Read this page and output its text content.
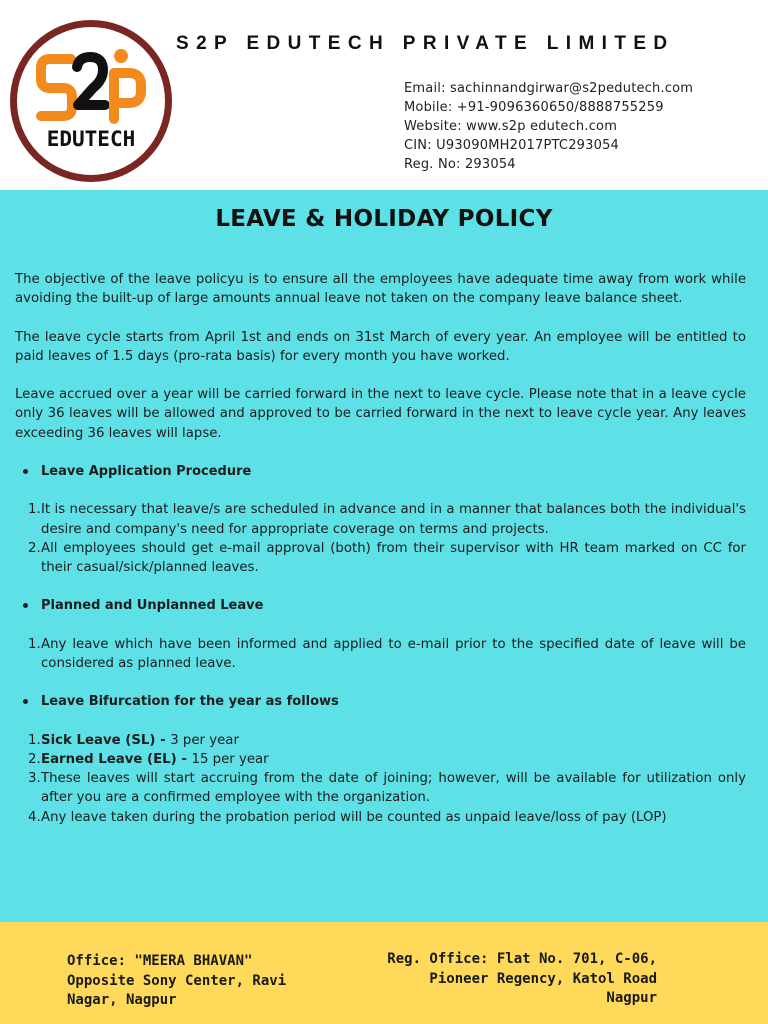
EDUTECH
S2P EDUTECH PRIVATE LIMITED
Email: sachinnandgirwar@s2pedutech.com
Mobile: +91-9096360650/8888755259
Website: www.s2p edutech.com
CIN: U93090MH2017PTC293054
Reg. No: 293054
LEAVE & HOLIDAY POLICY

The objective of the leave policyu is to ensure all the employees have adequate time away from work while avoiding the built-up of large amounts annual leave not taken on the company leave balance sheet.

The leave cycle starts from April 1st and ends on 31st March of every year. An employee will be entitled to paid leaves of 1.5 days (pro-rata basis) for every month you have worked.

Leave accrued over a year will be carried forward in the next to leave cycle. Please note that in a leave cycle only 36 leaves will be allowed and approved to be carried forward in the next to leave cycle year. Any leaves exceeding 36 leaves will lapse.

Leave Application Procedure
1. It is necessary that leave/s are scheduled in advance and in a manner that balances both the individual's desire and company's need for appropriate coverage on terms and projects.
2. All employees should get e-mail approval (both) from their supervisor with HR team marked on CC for their casual/sick/planned leaves.
Planned and Unplanned Leave
1. Any leave which have been informed and applied to e-mail prior to the specified date of leave will be considered as planned leave.
Leave Bifurcation for the year as follows
1. Sick Leave (SL) - 3 per year
2. Earned Leave (EL) - 15 per year
3. These leaves will start accruing from the date of joining; however, will be available for utilization only after you are a confirmed employee with the organization.
4. Any leave taken during the probation period will be counted as unpaid leave/loss of pay (LOP)
Office: "MEERA BHAVAN"
Opposite Sony Center, Ravi
Nagar, Nagpur
Reg. Office: Flat No. 701, C-06,
Pioneer Regency, Katol Road
Nagpur
